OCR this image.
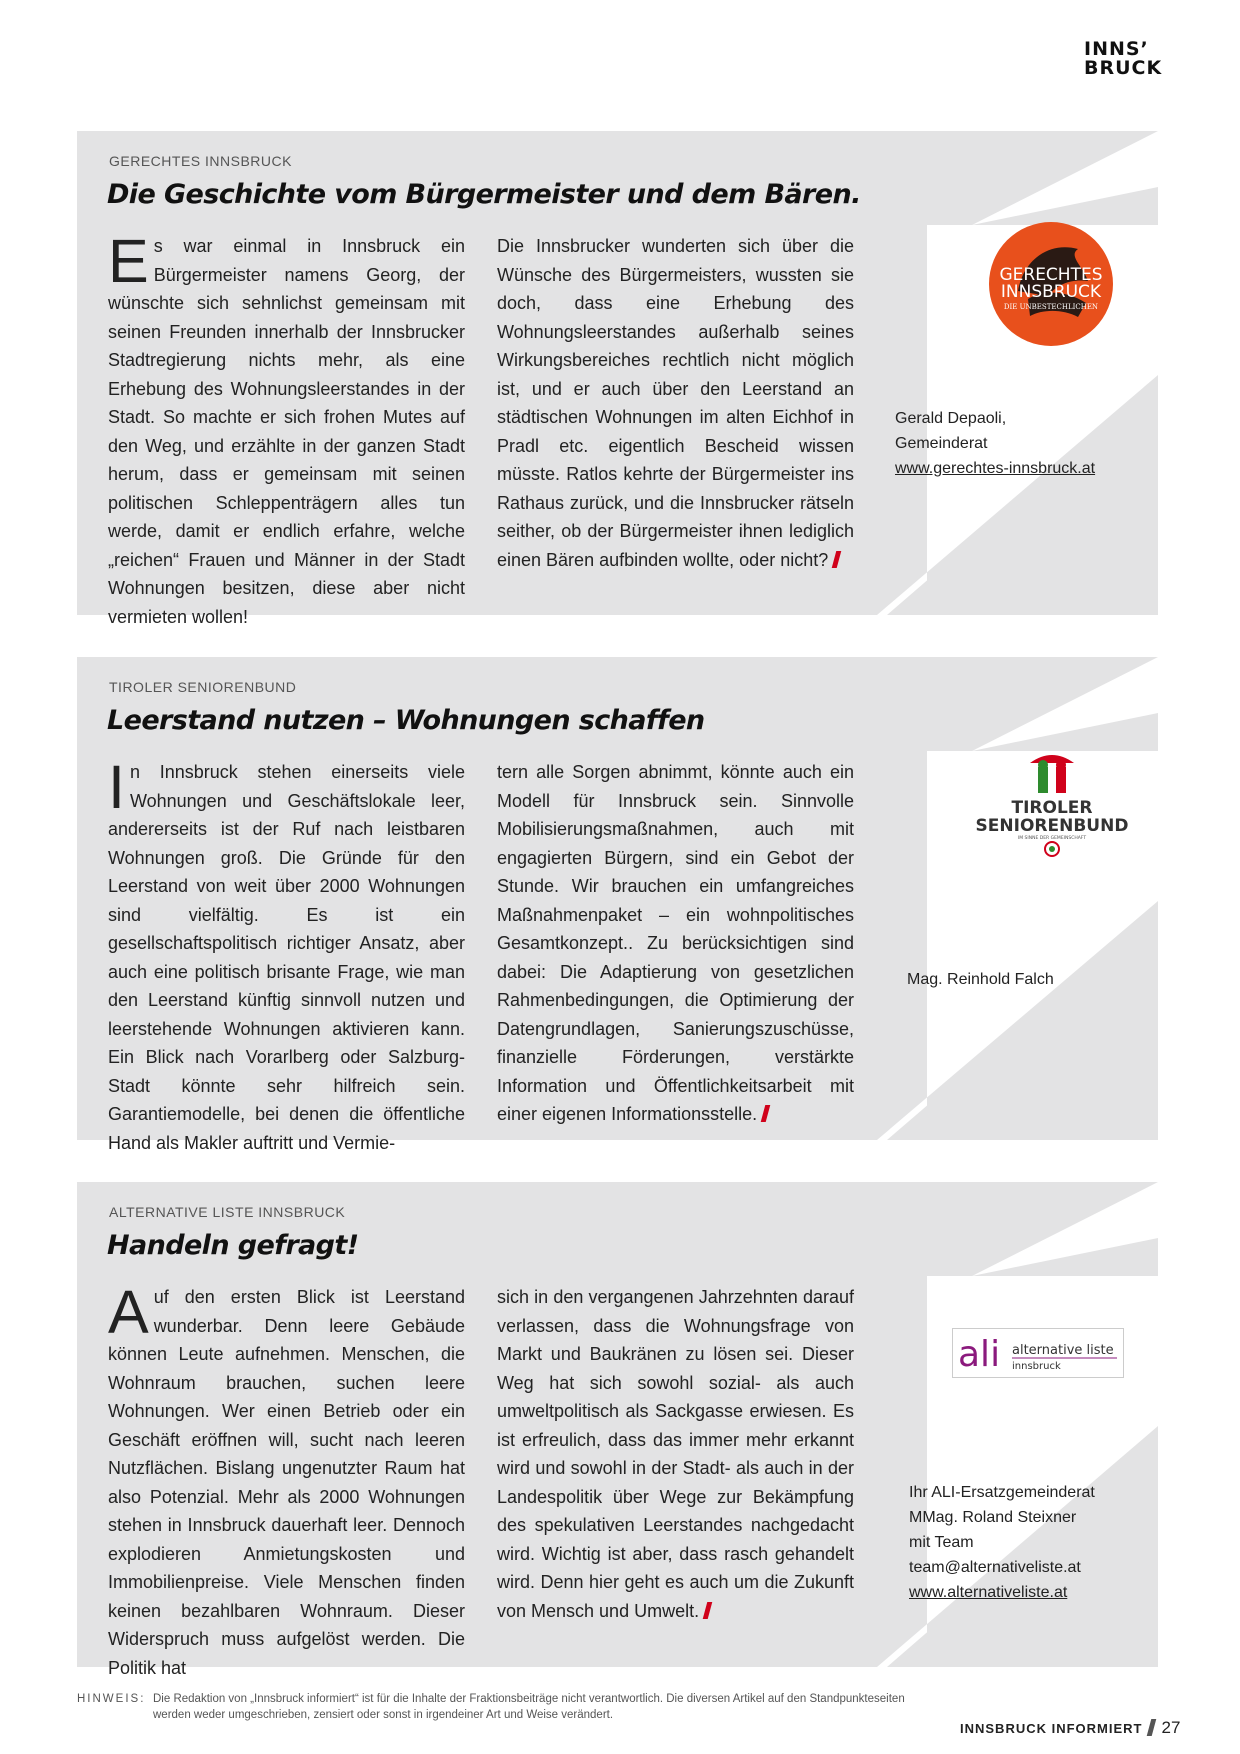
INNS’
BRUCK
GERECHTES INNSBRUCK
Die Geschichte vom Bürgermeister und dem Bären.
Es war einmal in Innsbruck ein Bürgermeister namens Georg, der wünschte sich sehnlichst gemeinsam mit seinen Freunden innerhalb der Innsbrucker Stadtregierung nichts mehr, als eine Erhebung des Wohnungsleerstandes in der Stadt. So machte er sich frohen Mutes auf den Weg, und erzählte in der ganzen Stadt herum, dass er gemeinsam mit seinen politischen Schleppenträgern alles tun werde, damit er endlich erfahre, welche „reichen“ Frauen und Männer in der Stadt Wohnungen besitzen, diese aber nicht vermieten wollen!
Die Innsbrucker wunderten sich über die Wünsche des Bürgermeisters, wussten sie doch, dass eine Erhebung des Wohnungsleerstandes außerhalb seines Wirkungsbereiches rechtlich nicht möglich ist, und er auch über den Leerstand an städtischen Wohnungen im alten Eichhof in Pradl etc. eigentlich Bescheid wissen müsste. Ratlos kehrte der Bürgermeister ins Rathaus zurück, und die Innsbrucker rätseln seither, ob der Bürgermeister ihnen lediglich einen Bären aufbinden wollte, oder nicht?
GERECHTES
INNSBRUCK
DIE UNBESTECHLICHEN
Gerald Depaoli,
Gemeinderat
www.gerechtes-innsbruck.at
TIROLER SENIORENBUND
Leerstand nutzen – Wohnungen schaffen
In Innsbruck stehen einerseits viele Wohnungen und Geschäftslokale leer, andererseits ist der Ruf nach leistbaren Wohnungen groß. Die Gründe für den Leerstand von weit über 2000 Wohnungen sind vielfältig. Es ist ein gesellschaftspolitisch richtiger Ansatz, aber auch eine politisch brisante Frage, wie man den Leerstand künftig sinnvoll nutzen und leerstehende Wohnungen aktivieren kann. Ein Blick nach Vorarlberg oder Salzburg-Stadt könnte sehr hilfreich sein. Garantiemodelle, bei denen die öffentliche Hand als Makler auftritt und Vermie-
tern alle Sorgen abnimmt, könnte auch ein Modell für Innsbruck sein. Sinnvolle Mobilisierungsmaßnahmen, auch mit engagierten Bürgern, sind ein Gebot der Stunde. Wir brauchen ein umfangreiches Maßnahmenpaket – ein wohnpolitisches Gesamtkonzept.. Zu berücksichtigen sind dabei: Die Adaptierung von gesetzlichen Rahmenbedingungen, die Optimierung der Datengrundlagen, Sanierungszuschüsse, finanzielle Förderungen, verstärkte Information und Öffentlichkeitsarbeit mit einer eigenen Informationsstelle.
TIROLER
SENIORENBUND
IM SINNE DER GEMEINSCHAFT
Mag. Reinhold Falch
ALTERNATIVE LISTE INNSBRUCK
Handeln gefragt!
Auf den ersten Blick ist Leerstand wunderbar. Denn leere Gebäude können Leute aufnehmen. Menschen, die Wohnraum brauchen, suchen leere Wohnungen. Wer einen Betrieb oder ein Geschäft eröffnen will, sucht nach leeren Nutzflächen. Bislang ungenutzter Raum hat also Potenzial. Mehr als 2000 Wohnungen stehen in Innsbruck dauerhaft leer. Dennoch explodieren Anmietungskosten und Immobilienpreise. Viele Menschen finden keinen bezahlbaren Wohnraum. Dieser Widerspruch muss aufgelöst werden. Die Politik hat
sich in den vergangenen Jahrzehnten darauf verlassen, dass die Wohnungsfrage von Markt und Baukränen zu lösen sei. Dieser Weg hat sich sowohl sozial- als auch umweltpolitisch als Sackgasse erwiesen. Es ist erfreulich, dass das immer mehr erkannt wird und sowohl in der Stadt- als auch in der Landespolitik über Wege zur Bekämpfung des spekulativen Leerstandes nachgedacht wird. Wichtig ist aber, dass rasch gehandelt wird. Denn hier geht es auch um die Zukunft von Mensch und Umwelt.
ali alternative liste
innsbruck
Ihr ALI-Ersatzgemeinderat
MMag. Roland Steixner
mit Team
team@alternativeliste.at
www.alternativeliste.at
HINWEIS: Die Redaktion von „Innsbruck informiert“ ist für die Inhalte der Fraktionsbeiträge nicht verantwortlich. Die diversen Artikel auf den Standpunkteseiten werden weder umgeschrieben, zensiert oder sonst in irgendeiner Art und Weise verändert.
INNSBRUCK INFORMIERT 27
